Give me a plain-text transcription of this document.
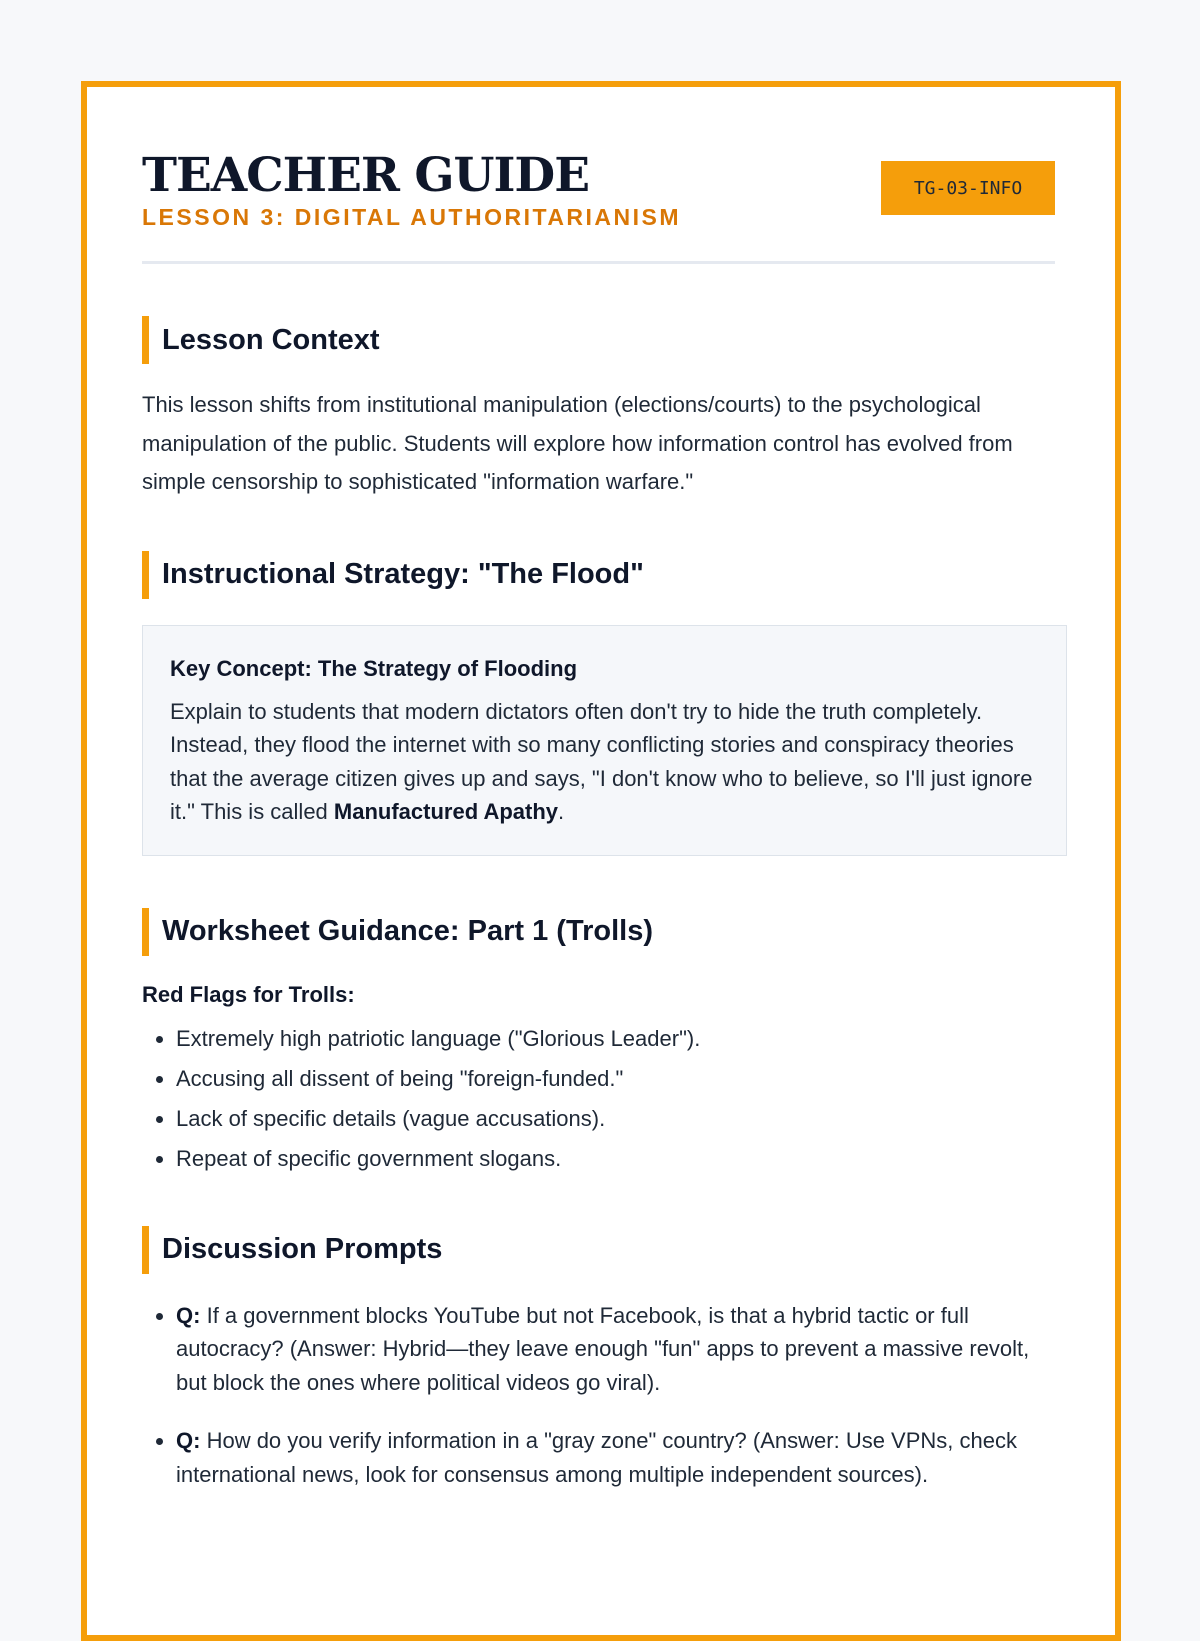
TEACHER GUIDE
LESSON 3: DIGITAL AUTHORITARIANISM
TG-03-INFO
Lesson Context

This lesson shifts from institutional manipulation (elections/courts) to the psychological manipulation of the public. Students will explore how information control has evolved from simple censorship to sophisticated "information warfare."

Instructional Strategy: "The Flood"
Key Concept: The Strategy of Flooding

Explain to students that modern dictators often don't try to hide the truth completely. Instead, they flood the internet with so many conflicting stories and conspiracy theories that the average citizen gives up and says, "I don't know who to believe, so I'll just ignore it." This is called Manufactured Apathy.

Worksheet Guidance: Part 1 (Trolls)
Red Flags for Trolls:
• Extremely high patriotic language ("Glorious Leader").
• Accusing all dissent of being "foreign-funded."
• Lack of specific details (vague accusations).
• Repeat of specific government slogans.
Discussion Prompts
• Q: If a government blocks YouTube but not Facebook, is that a hybrid tactic or full autocracy? (Answer: Hybrid—they leave enough "fun" apps to prevent a massive revolt, but block the ones where political videos go viral).
• Q: How do you verify information in a "gray zone" country? (Answer: Use VPNs, check international news, look for consensus among multiple independent sources).
